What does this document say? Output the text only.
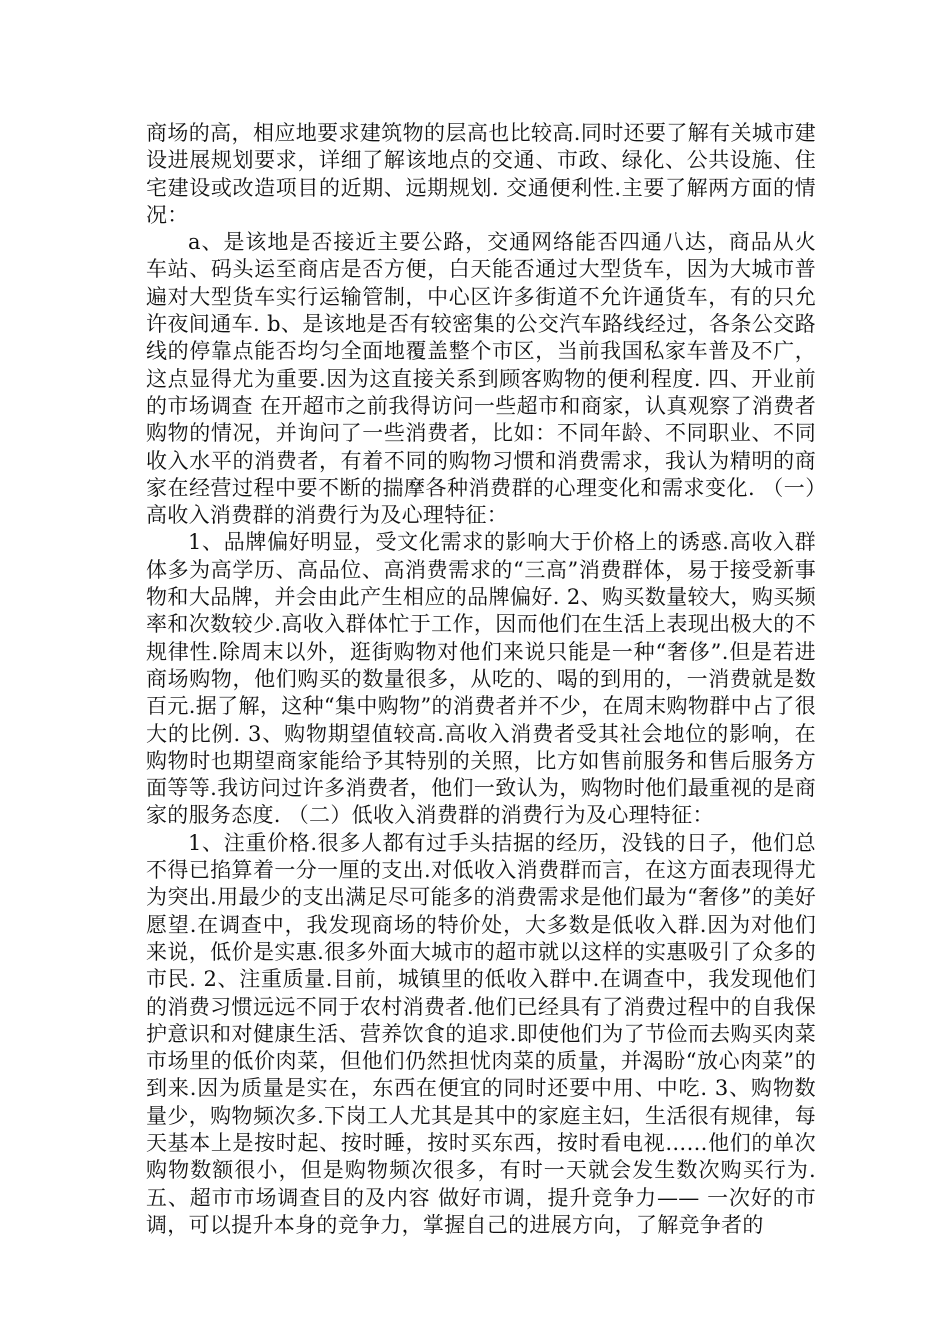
商场的高，相应地要求建筑物的层高也比较高.同时还要了解有关城市建设进展规划要求，详细了解该地点的交通、市政、绿化、公共设施、住宅建设或改造项目的近期、远期规划. 交通便利性.主要了解两方面的情况：

a、是该地是否接近主要公路，交通网络能否四通八达，商品从火车站、码头运至商店是否方便，白天能否通过大型货车，因为大城市普遍对大型货车实行运输管制，中心区许多街道不允许通货车，有的只允许夜间通车. b、是该地是否有较密集的公交汽车路线经过，各条公交路线的停靠点能否均匀全面地覆盖整个市区，当前我国私家车普及不广，这点显得尤为重要.因为这直接关系到顾客购物的便利程度. 四、开业前的市场调查 在开超市之前我得访问一些超市和商家，认真观察了消费者购物的情况，并询问了一些消费者，比如：不同年龄、不同职业、不同收入水平的消费者，有着不同的购物习惯和消费需求，我认为精明的商家在经营过程中要不断的揣摩各种消费群的心理变化和需求变化. （一）高收入消费群的消费行为及心理特征：

1、品牌偏好明显，受文化需求的影响大于价格上的诱惑.高收入群体多为高学历、高品位、高消费需求的“三高”消费群体，易于接受新事物和大品牌，并会由此产生相应的品牌偏好. 2、购买数量较大，购买频率和次数较少.高收入群体忙于工作，因而他们在生活上表现出极大的不规律性.除周末以外，逛街购物对他们来说只能是一种“奢侈”.但是若进商场购物，他们购买的数量很多，从吃的、喝的到用的，一消费就是数百元.据了解，这种“集中购物”的消费者并不少，在周末购物群中占了很大的比例. 3、购物期望值较高.高收入消费者受其社会地位的影响，在购物时也期望商家能给予其特别的关照，比方如售前服务和售后服务方面等等.我访问过许多消费者，他们一致认为，购物时他们最重视的是商家的服务态度. （二）低收入消费群的消费行为及心理特征：

1、注重价格.很多人都有过手头拮据的经历，没钱的日子，他们总不得已掐算着一分一厘的支出.对低收入消费群而言，在这方面表现得尤为突出.用最少的支出满足尽可能多的消费需求是他们最为“奢侈”的美好愿望.在调查中，我发现商场的特价处，大多数是低收入群.因为对他们来说，低价是实惠.很多外面大城市的超市就以这样的实惠吸引了众多的市民. 2、注重质量.目前，城镇里的低收入群中.在调查中，我发现他们的消费习惯远远不同于农村消费者.他们已经具有了消费过程中的自我保护意识和对健康生活、营养饮食的追求.即使他们为了节俭而去购买肉菜市场里的低价肉菜，但他们仍然担忧肉菜的质量，并渴盼“放心肉菜”的到来.因为质量是实在，东西在便宜的同时还要中用、中吃. 3、购物数量少，购物频次多.下岗工人尤其是其中的家庭主妇，生活很有规律，每天基本上是按时起、按时睡，按时买东西，按时看电视……他们的单次购物数额很小，但是购物频次很多，有时一天就会发生数次购买行为. 五、超市市场调查目的及内容 做好市调，提升竞争力—— 一次好的市调，可以提升本身的竞争力，掌握自己的进展方向，了解竞争者的
